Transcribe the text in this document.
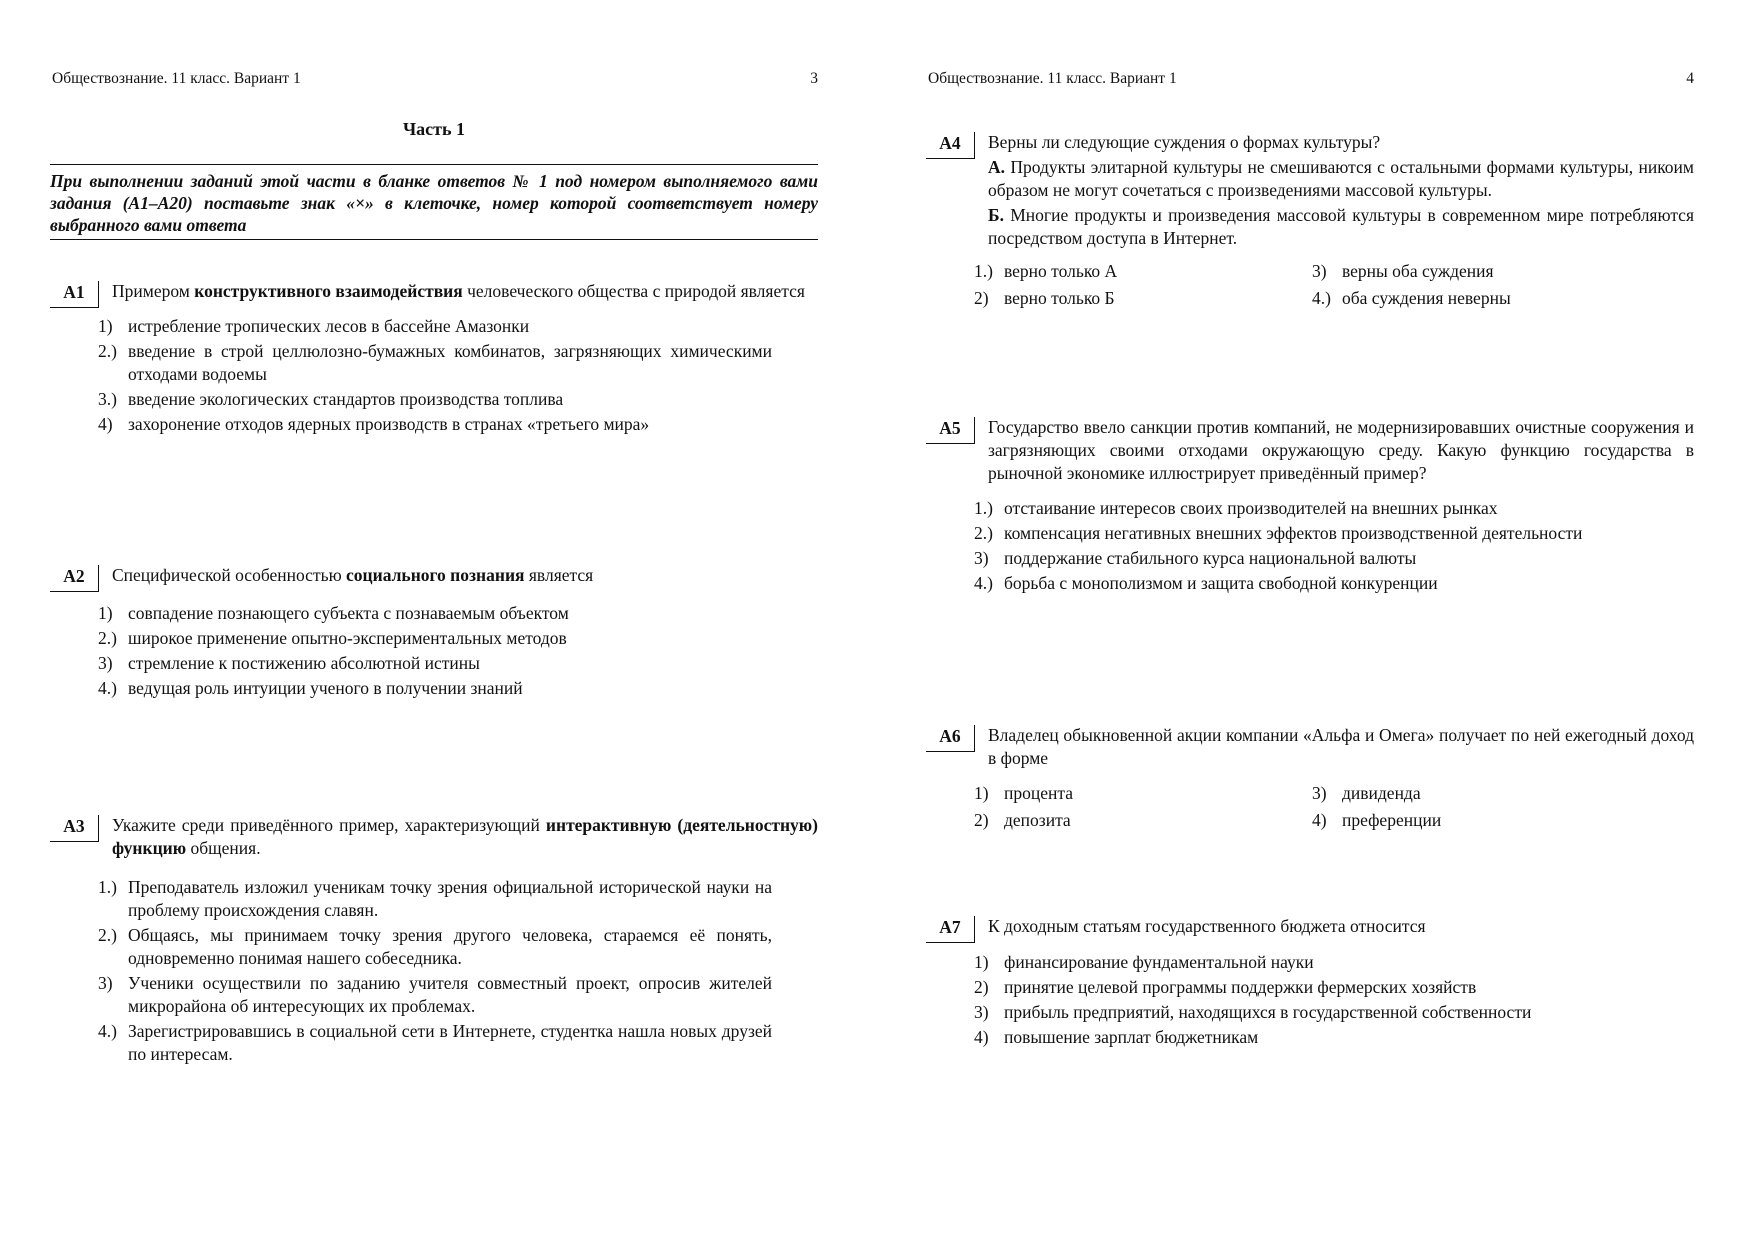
Обществознание. 11 класс. Вариант 1	3
Часть 1
При выполнении заданий этой части в бланке ответов № 1 под номером выполняемого вами задания (А1–А20) поставьте знак «×» в клеточке, номер которой соответствует номеру выбранного вами ответа
А1	Примером конструктивного взаимодействия человеческого общества с природой является
1) истребление тропических лесов в бассейне Амазонки
2.) введение в строй целлюлозно-бумажных комбинатов, загрязняющих химическими отходами водоемы
3.) введение экологических стандартов производства топлива
4) захоронение отходов ядерных производств в странах «третьего мира»
А2	Специфической особенностью социального познания является
1) совпадение познающего субъекта с познаваемым объектом
2.) широкое применение опытно-экспериментальных методов
3) стремление к постижению абсолютной истины
4.) ведущая роль интуиции ученого в получении знаний
А3	Укажите среди приведённого пример, характеризующий интерактивную (деятельностную) функцию общения.
1.) Преподаватель изложил ученикам точку зрения официальной исторической науки на проблему происхождения славян.
2.) Общаясь, мы принимаем точку зрения другого человека, стараемся её понять, одновременно понимая нашего собеседника.
3) Ученики осуществили по заданию учителя совместный проект, опросив жителей микрорайона об интересующих их проблемах.
4.) Зарегистрировавшись в социальной сети в Интернете, студентка нашла новых друзей по интересам.
Обществознание. 11 класс. Вариант 1	4
А4	Верны ли следующие суждения о формах культуры?
А. Продукты элитарной культуры не смешиваются с остальными формами культуры, никоим образом не могут сочетаться с произведениями массовой культуры.
Б. Многие продукты и произведения массовой культуры в современном мире потребляются посредством доступа в Интернет.
1.) верно только А	3) верны оба суждения
2) верно только Б	4.) оба суждения неверны
А5	Государство ввело санкции против компаний, не модернизировавших очистные сооружения и загрязняющих своими отходами окружающую среду. Какую функцию государства в рыночной экономике иллюстрирует приведённый пример?
1.) отстаивание интересов своих производителей на внешних рынках
2.) компенсация негативных внешних эффектов производственной деятельности
3) поддержание стабильного курса национальной валюты
4.) борьба с монополизмом и защита свободной конкуренции
А6	Владелец обыкновенной акции компании «Альфа и Омега» получает по ней ежегодный доход в форме
1) процента	3) дивиденда
2) депозита	4) преференции
А7	К доходным статьям государственного бюджета относится
1) финансирование фундаментальной науки
2) принятие целевой программы поддержки фермерских хозяйств
3) прибыль предприятий, находящихся в государственной собственности
4) повышение зарплат бюджетникам
